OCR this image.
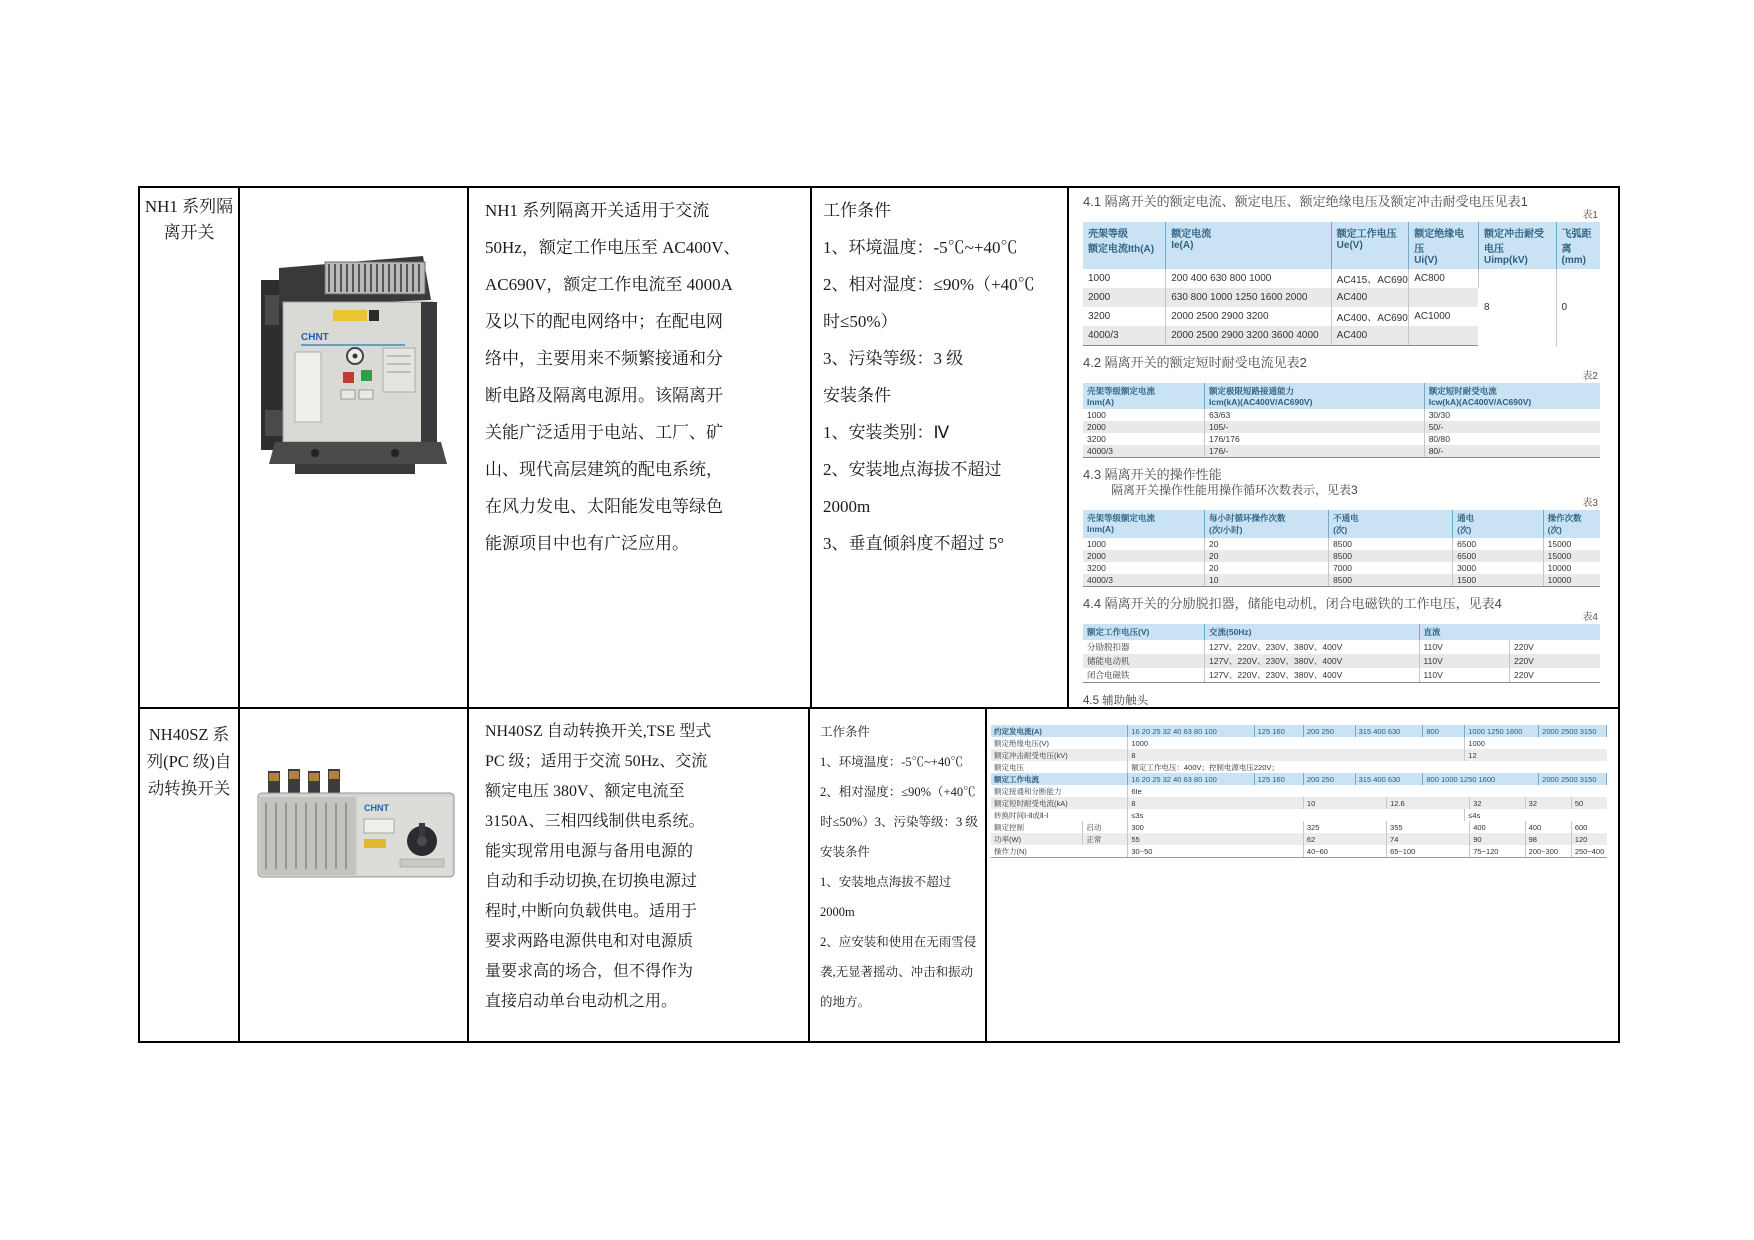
NH1 系列隔
离开关
CHNT
NH1 系列隔离开关适用于交流
50Hz，额定工作电压至 AC400V、
AC690V，额定工作电流至 4000A
及以下的配电网络中；在配电网
络中，主要用来不频繁接通和分
断电路及隔离电源用。该隔离开
关能广泛适用于电站、工厂、矿
山、现代高层建筑的配电系统，
在风力发电、太阳能发电等绿色
能源项目中也有广泛应用。
工作条件
1、环境温度：-5℃~+40℃
2、相对湿度：≤90%（+40℃
时≤50%）
3、污染等级：3 级
安装条件
1、安装类别：Ⅳ
2、安装地点海拔不超过
2000m
3、垂直倾斜度不超过 5°
4.1 隔离开关的额定电流、额定电压、额定绝缘电压及额定冲击耐受电压见表1
表1
壳架等级
额定电流Ith(A)

额定电流
Ie(A)

额定工作电压
Ue(V)

额定绝缘电压
Ui(V)

额定冲击耐受电压
Uimp(kV)

飞弧距离
(mm)

1000	200 400 630 800 1000	AC415、AC690	AC800	8	0
2000	630 800 1000 1250 1600 2000	AC400			
3200	2000 2500 2900 3200	AC400、AC690	AC1000		
4000/3	2000 2500 2900 3200 3600 4000	AC400			
4.2 隔离开关的额定短时耐受电流见表2
表2
壳架等级额定电流
Inm(A)

额定极限短路接通能力
Icm(kA)(AC400V/AC690V)

额定短时耐受电流
Icw(kA)(AC400V/AC690V)

1000	63/63	30/30
2000	105/-	50/-
3200	176/176	80/80
4000/3	176/-	80/-
4.3 隔离开关的操作性能
隔离开关操作性能用操作循环次数表示，见表3
表3
壳架等级额定电流
Inm(A)

每小时循环操作次数
(次/小时)

不通电
(次)

通电
(次)

操作次数
(次)

1000	20	8500	6500	15000
2000	20	8500	6500	15000
3200	20	7000	3000	10000
4000/3	10	8500	1500	10000
4.4 隔离开关的分励脱扣器，储能电动机，闭合电磁铁的工作电压，见表4
表4
额定工作电压(V)	交流(50Hz)	直流	

分励脱扣器	127V、220V、230V、380V、400V	110V	220V
储能电动机	127V、220V、230V、380V、400V	110V	220V
闭合电磁铁	127V、220V、230V、380V、400V	110V	220V
4.5 辅助触头
NH40SZ 系
列(PC 级)自
动转换开关
CHNT
NH40SZ 自动转换开关,TSE 型式
PC 级；适用于交流 50Hz、交流
额定电压 380V、额定电流至
3150A、三相四线制供电系统。
能实现常用电源与备用电源的
自动和手动切换,在切换电源过
程时,中断向负载供电。适用于
要求两路电源供电和对电源质
量要求高的场合，但不得作为
直接启动单台电动机之用。
工作条件
1、环境温度：-5℃~+40℃
2、相对湿度：≤90%（+40℃
时≤50%）3、污染等级：3 级
安装条件
1、安装地点海拔不超过
2000m
2、应安装和使用在无雨雪侵
袭,无显著摇动、冲击和振动
的地方。
约定发电流(A)	16 20 25 32 40 63 80 100	125 160	200 250	315 400 630	800	1000 1250 1600	2000 2500 3150
额定绝缘电压(V)	1000	1000
额定冲击耐受电压(kV)	8	12
额定电压	额定工作电压：400V；控制电源电压220V；
额定工作电流	16 20 25 32 40 63 80 100	125 160	200 250	315 400 630	800 1000 1250 1600	2000 2500 3150
额定接通和分断能力	6Ie
额定短时耐受电流(kA)	8	10	12.6	32	32	50
转换时间Ⅰ-Ⅱ或Ⅱ-Ⅰ	≤3s	≤4s
额定控制	启动	300	325	355	400	400	600
功率(W)	正常	55	62	74	90	98	120
操作力(N)	30~50	40~60	65~100	75~120	200~300	250~400
